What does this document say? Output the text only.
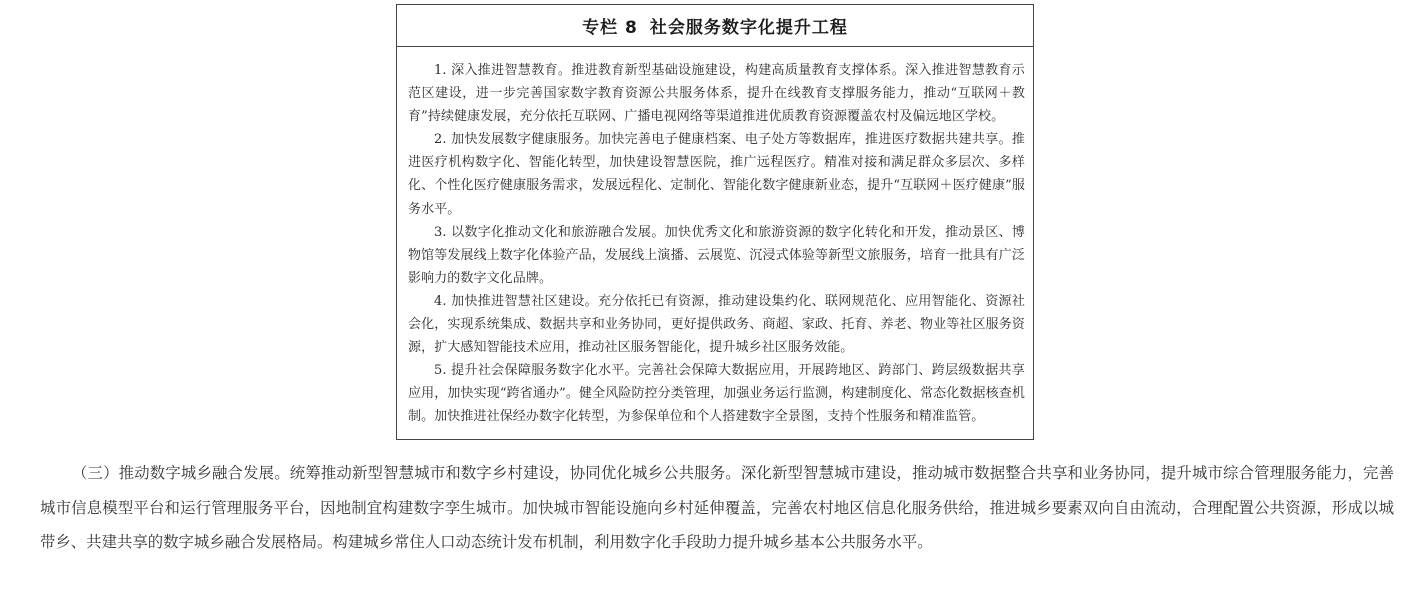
专栏 8 社会服务数字化提升工程

1. 深入推进智慧教育。推进教育新型基础设施建设，构建高质量教育支撑体系。深入推进智慧教育示范区建设，进一步完善国家数字教育资源公共服务体系，提升在线教育支撑服务能力，推动“互联网＋教育”持续健康发展，充分依托互联网、广播电视网络等渠道推进优质教育资源覆盖农村及偏远地区学校。

2. 加快发展数字健康服务。加快完善电子健康档案、电子处方等数据库，推进医疗数据共建共享。推进医疗机构数字化、智能化转型，加快建设智慧医院，推广远程医疗。精准对接和满足群众多层次、多样化、个性化医疗健康服务需求，发展远程化、定制化、智能化数字健康新业态，提升“互联网＋医疗健康”服务水平。

3. 以数字化推动文化和旅游融合发展。加快优秀文化和旅游资源的数字化转化和开发，推动景区、博物馆等发展线上数字化体验产品，发展线上演播、云展览、沉浸式体验等新型文旅服务，培育一批具有广泛影响力的数字文化品牌。

4. 加快推进智慧社区建设。充分依托已有资源，推动建设集约化、联网规范化、应用智能化、资源社会化，实现系统集成、数据共享和业务协同，更好提供政务、商超、家政、托育、养老、物业等社区服务资源，扩大感知智能技术应用，推动社区服务智能化，提升城乡社区服务效能。

5. 提升社会保障服务数字化水平。完善社会保障大数据应用，开展跨地区、跨部门、跨层级数据共享应用，加快实现“跨省通办”。健全风险防控分类管理，加强业务运行监测，构建制度化、常态化数据核查机制。加快推进社保经办数字化转型，为参保单位和个人搭建数字全景图，支持个性服务和精准监管。

（三）推动数字城乡融合发展。统筹推动新型智慧城市和数字乡村建设，协同优化城乡公共服务。深化新型智慧城市建设，推动城市数据整合共享和业务协同，提升城市综合管理服务能力，完善城市信息模型平台和运行管理服务平台，因地制宜构建数字孪生城市。加快城市智能设施向乡村延伸覆盖，完善农村地区信息化服务供给，推进城乡要素双向自由流动，合理配置公共资源，形成以城带乡、共建共享的数字城乡融合发展格局。构建城乡常住人口动态统计发布机制，利用数字化手段助力提升城乡基本公共服务水平。
